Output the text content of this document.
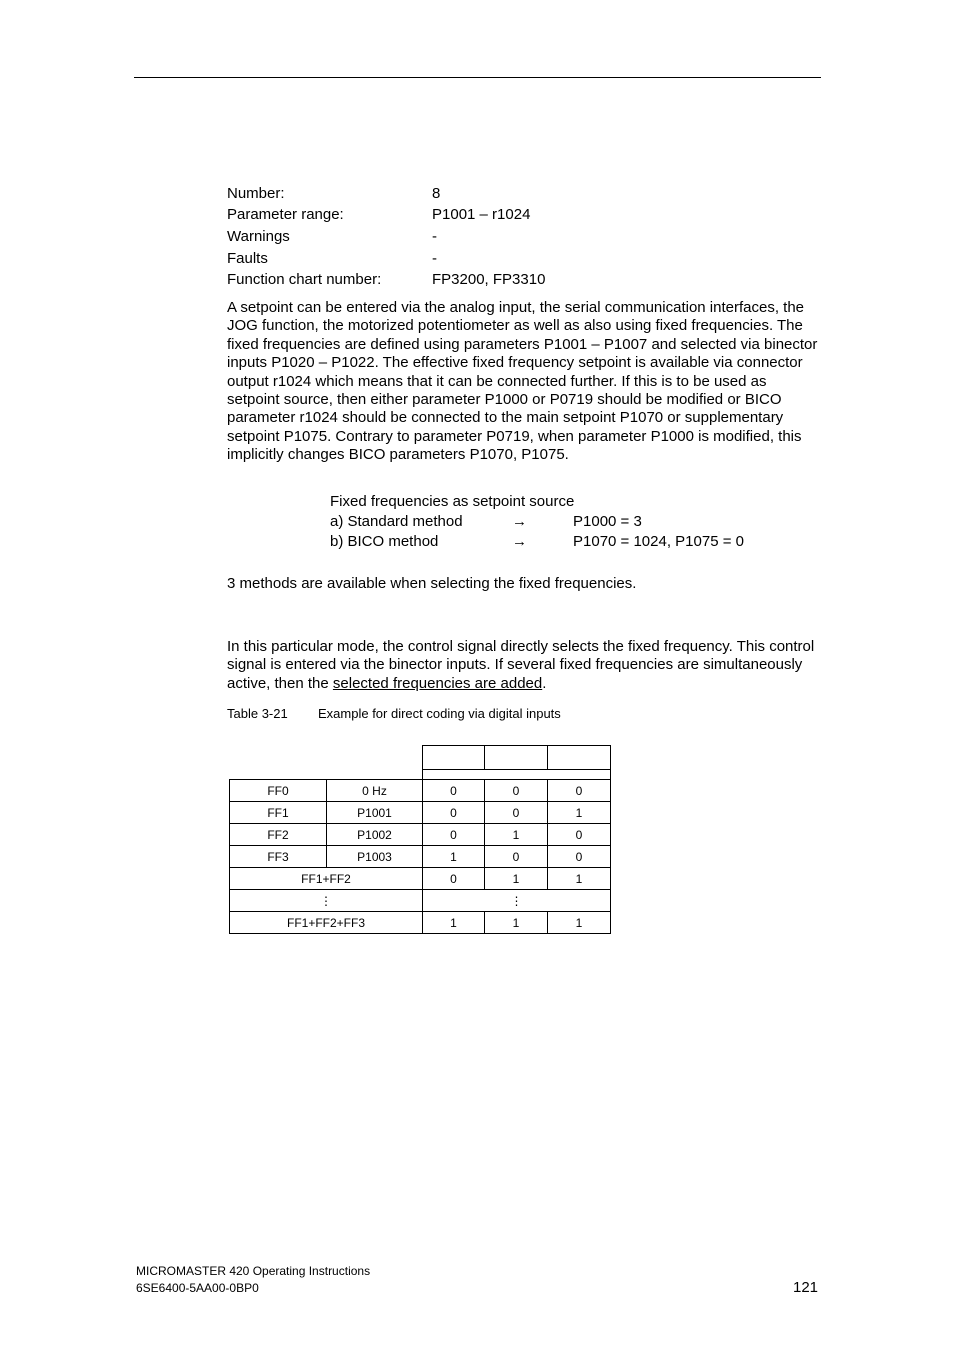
Number:	8
Parameter range:	P1001 – r1024
Warnings	-
Faults	-
Function chart number:	FP3200, FP3310
A setpoint can be entered via the analog input, the serial communication interfaces, the JOG function, the motorized potentiometer as well as also using fixed frequencies. The fixed frequencies are defined using parameters P1001 – P1007 and selected via binector inputs P1020 – P1022. The effective fixed frequency setpoint is available via connector output r1024 which means that it can be connected further. If this is to be used as setpoint source, then either parameter P1000 or P0719 should be modified or BICO parameter r1024 should be connected to the main setpoint P1070 or supplementary setpoint P1075. Contrary to parameter P0719, when parameter P1000 is modified, this implicitly changes BICO parameters P1070, P1075.
Fixed frequencies as setpoint source
a) Standard method	→	P1000 = 3
b) BICO method	→	P1070 = 1024, P1075 = 0
3 methods are available when selecting the fixed frequencies.
In this particular mode, the control signal directly selects the fixed frequency. This control signal is entered via the binector inputs. If several fixed frequencies are simultaneously active, then the selected frequencies are added.
Table 3-21 Example for direct coding via digital inputs

FF0	0 Hz	0	0	0
FF1	P1001	0	0	1
FF2	P1002	0	1	0
FF3	P1003	1	0	0
FF1+FF2		0	1	1
⋮		⋮		
FF1+FF2+FF3		1	1	1
MICROMASTER 420 Operating Instructions
6SE6400-5AA00-0BP0	121
